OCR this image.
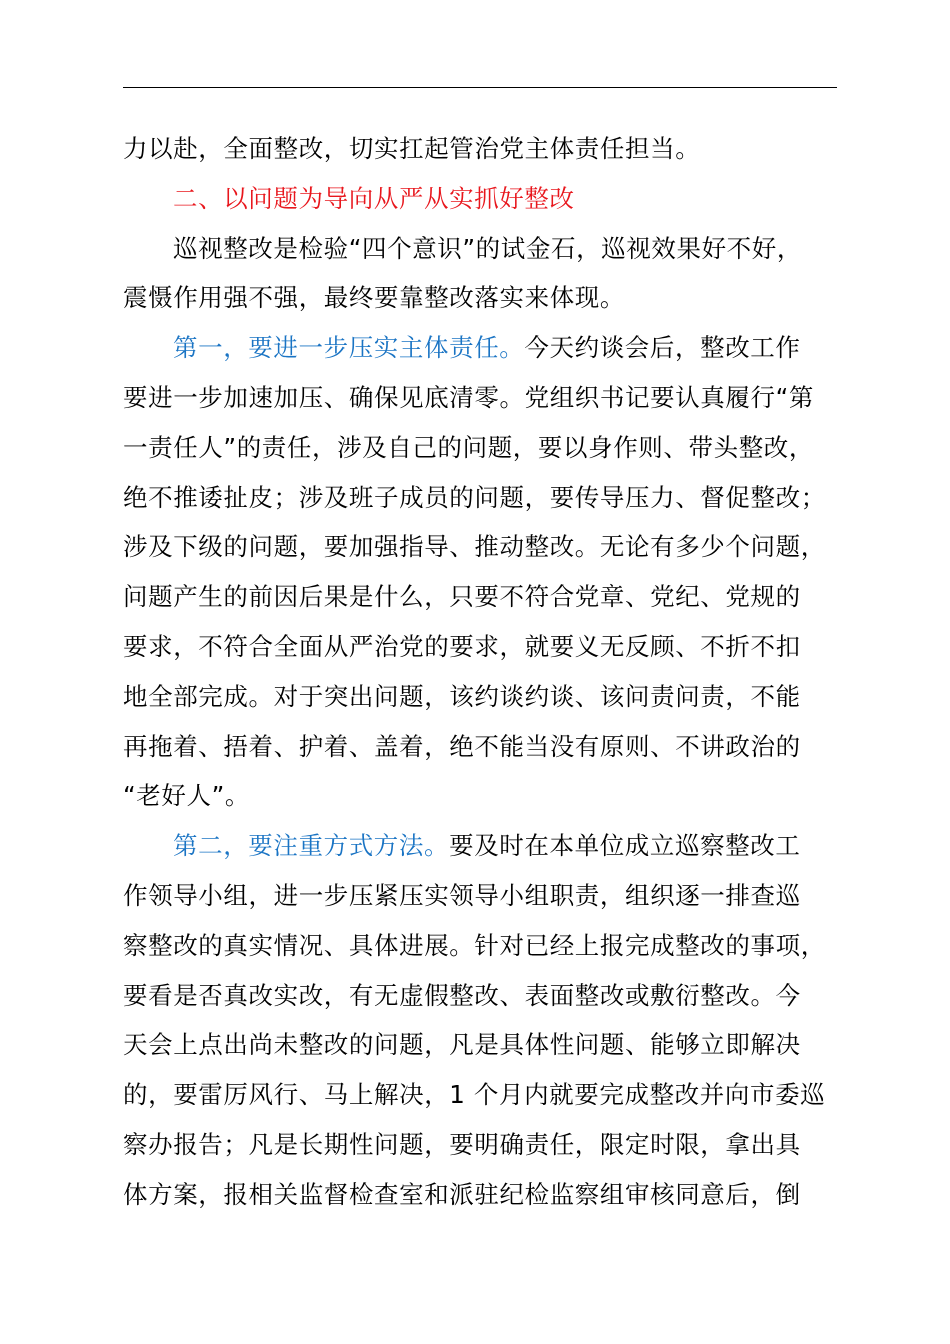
力以赴，全面整改，切实扛起管治党主体责任担当。

二、以问题为导向从严从实抓好整改

巡视整改是检验“四个意识”的试金石，巡视效果好不好，
震慑作用强不强，最终要靠整改落实来体现。

第一，要进一步压实主体责任。今天约谈会后，整改工作
要进一步加速加压、确保见底清零。党组织书记要认真履行“第
一责任人”的责任，涉及自己的问题，要以身作则、带头整改，
绝不推诿扯皮；涉及班子成员的问题，要传导压力、督促整改；
涉及下级的问题，要加强指导、推动整改。无论有多少个问题，
问题产生的前因后果是什么，只要不符合党章、党纪、党规的
要求，不符合全面从严治党的要求，就要义无反顾、不折不扣
地全部完成。对于突出问题，该约谈约谈、该问责问责，不能
再拖着、捂着、护着、盖着，绝不能当没有原则、不讲政治的
“老好人”。

第二，要注重方式方法。要及时在本单位成立巡察整改工
作领导小组，进一步压紧压实领导小组职责，组织逐一排查巡
察整改的真实情况、具体进展。针对已经上报完成整改的事项，
要看是否真改实改，有无虚假整改、表面整改或敷衍整改。今
天会上点出尚未整改的问题，凡是具体性问题、能够立即解决
的，要雷厉风行、马上解决，1 个月内就要完成整改并向市委巡
察办报告；凡是长期性问题，要明确责任，限定时限，拿出具
体方案，报相关监督检查室和派驻纪检监察组审核同意后，倒
